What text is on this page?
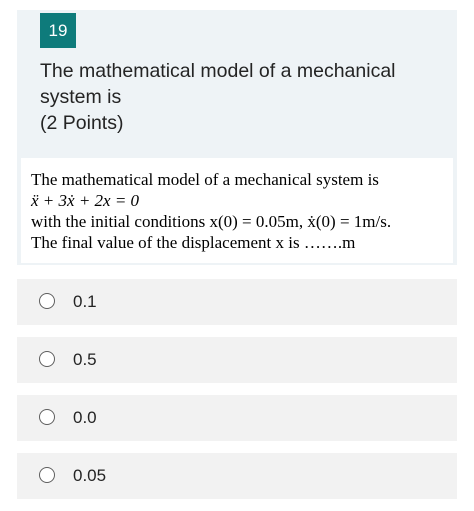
19
The mathematical model of a mechanical system is
(2 Points)
The mathematical model of a mechanical system is
ẍ + 3ẋ + 2x = 0
with the initial conditions x(0) = 0.05m, ẋ(0) = 1m/s.
The final value of the displacement x is …….m
0.1
0.5
0.0
0.05
